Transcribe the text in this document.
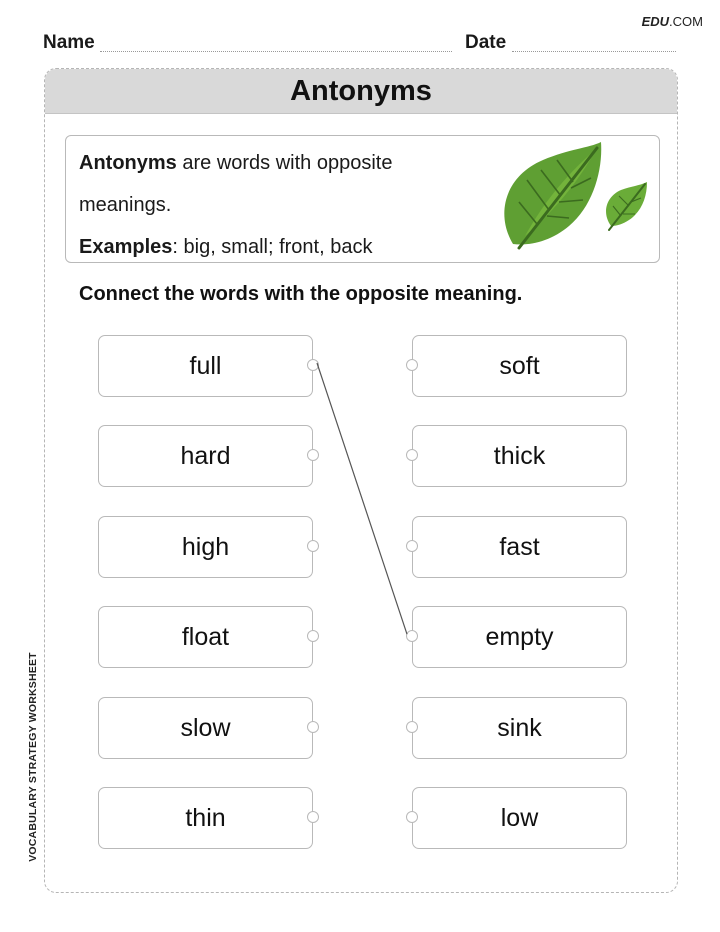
EDU.COM
Name	Date
VOCABULARY STRATEGY WORKSHEET
Antonyms

Antonyms are words with opposite meanings.

Examples: big, small; front, back

Connect the words with the opposite meaning.
full
hard
high
float
slow
thin
soft
thick
fast
empty
sink
low
